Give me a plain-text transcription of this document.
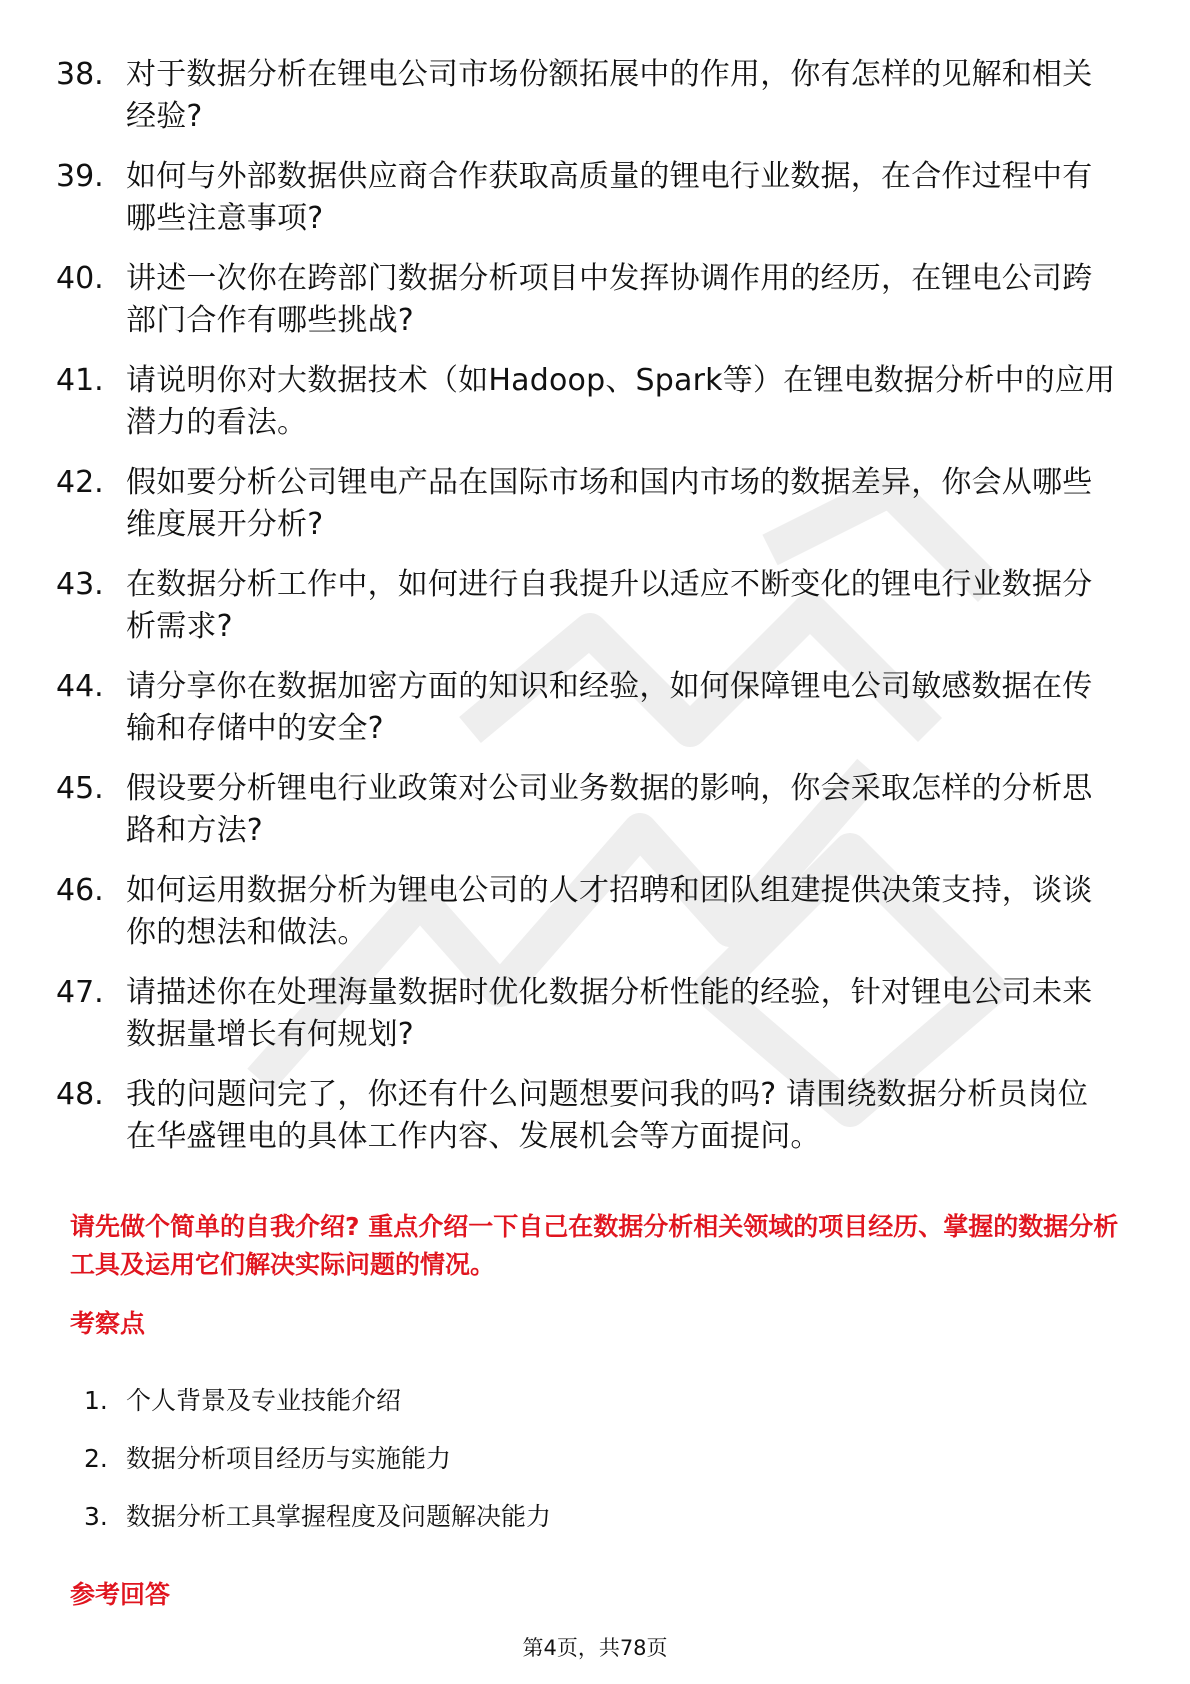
38. 对于数据分析在锂电公司市场份额拓展中的作用，你有怎样的见解和相关经验?
39. 如何与外部数据供应商合作获取高质量的锂电行业数据，在合作过程中有哪些注意事项?
40. 讲述一次你在跨部门数据分析项目中发挥协调作用的经历，在锂电公司跨部门合作有哪些挑战?
41. 请说明你对大数据技术（如Hadoop、Spark等）在锂电数据分析中的应用潜力的看法。
42. 假如要分析公司锂电产品在国际市场和国内市场的数据差异，你会从哪些维度展开分析?
43. 在数据分析工作中，如何进行自我提升以适应不断变化的锂电行业数据分析需求?
44. 请分享你在数据加密方面的知识和经验，如何保障锂电公司敏感数据在传输和存储中的安全?
45. 假设要分析锂电行业政策对公司业务数据的影响，你会采取怎样的分析思路和方法?
46. 如何运用数据分析为锂电公司的人才招聘和团队组建提供决策支持，谈谈你的想法和做法。
47. 请描述你在处理海量数据时优化数据分析性能的经验，针对锂电公司未来数据量增长有何规划?
48. 我的问题问完了，你还有什么问题想要问我的吗? 请围绕数据分析员岗位在华盛锂电的具体工作内容、发展机会等方面提问。
请先做个简单的自我介绍? 重点介绍一下自己在数据分析相关领域的项目经历、掌握的数据分析工具及运用它们解决实际问题的情况。
考察点
1. 个人背景及专业技能介绍
2. 数据分析项目经历与实施能力
3. 数据分析工具掌握程度及问题解决能力
参考回答
第4页，共78页
